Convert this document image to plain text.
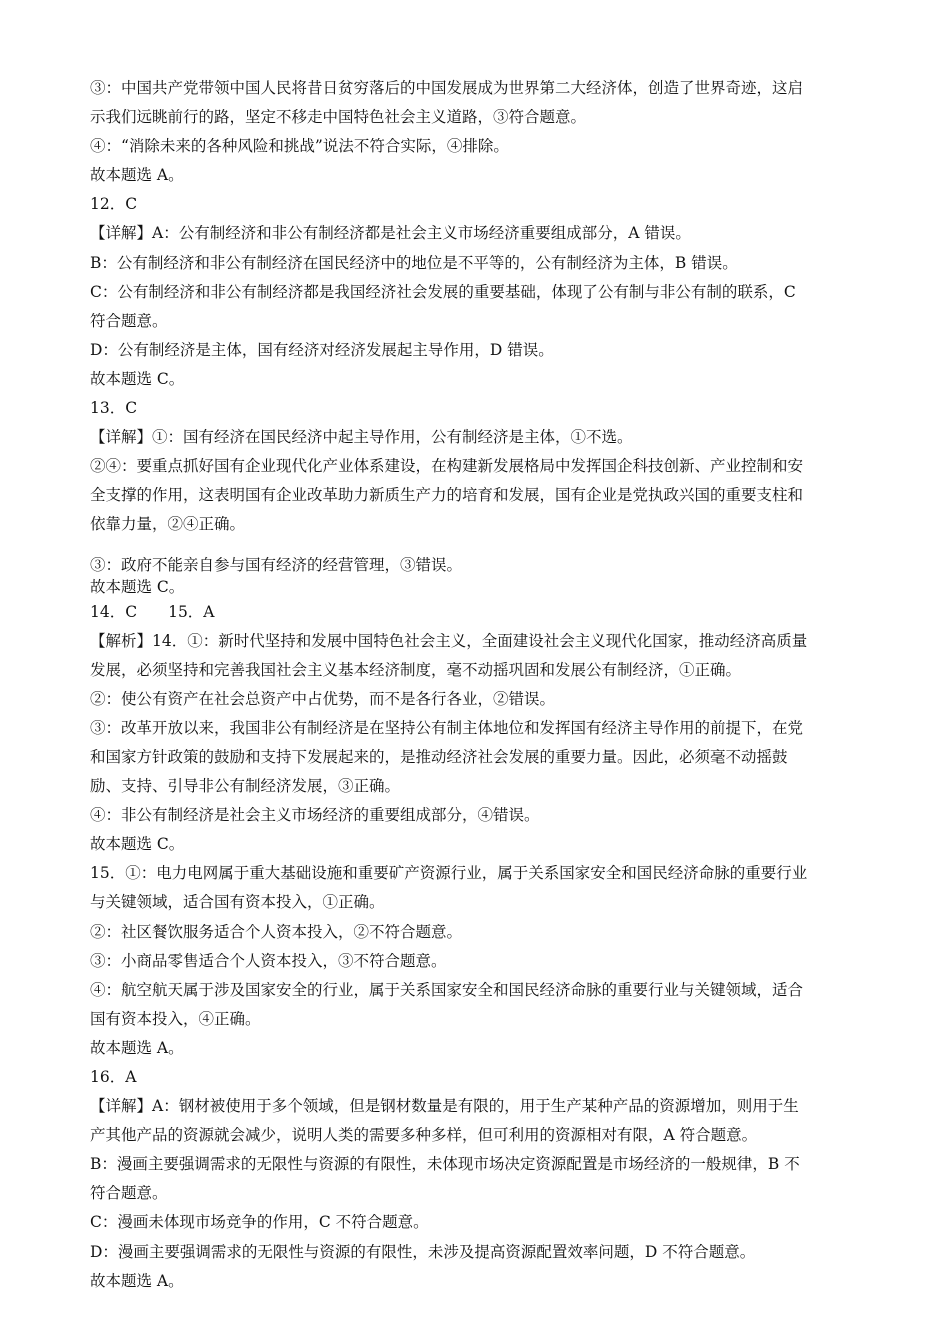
③：中国共产党带领中国人民将昔日贫穷落后的中国发展成为世界第二大经济体，创造了世界奇迹，这启
示我们远眺前行的路，坚定不移走中国特色社会主义道路，③符合题意。
④：“消除未来的各种风险和挑战”说法不符合实际，④排除。
故本题选 A。
12．C
【详解】A：公有制经济和非公有制经济都是社会主义市场经济重要组成部分，A 错误。
B：公有制经济和非公有制经济在国民经济中的地位是不平等的，公有制经济为主体，B 错误。
C：公有制经济和非公有制经济都是我国经济社会发展的重要基础，体现了公有制与非公有制的联系，C
符合题意。
D：公有制经济是主体，国有经济对经济发展起主导作用，D 错误。
故本题选 C。
13．C
【详解】①：国有经济在国民经济中起主导作用，公有制经济是主体，①不选。
②④：要重点抓好国有企业现代化产业体系建设，在构建新发展格局中发挥国企科技创新、产业控制和安
全支撑的作用，这表明国有企业改革助力新质生产力的培育和发展，国有企业是党执政兴国的重要支柱和
依靠力量，②④正确。
③：政府不能亲自参与国有经济的经营管理，③错误。
故本题选 C。
14．C　　15．A
【解析】14．①：新时代坚持和发展中国特色社会主义，全面建设社会主义现代化国家，推动经济高质量
发展，必须坚持和完善我国社会主义基本经济制度，毫不动摇巩固和发展公有制经济，①正确。
②：使公有资产在社会总资产中占优势，而不是各行各业，②错误。
③：改革开放以来，我国非公有制经济是在坚持公有制主体地位和发挥国有经济主导作用的前提下，在党
和国家方针政策的鼓励和支持下发展起来的，是推动经济社会发展的重要力量。因此，必须毫不动摇鼓
励、支持、引导非公有制经济发展，③正确。
④：非公有制经济是社会主义市场经济的重要组成部分，④错误。
故本题选 C。
15．①：电力电网属于重大基础设施和重要矿产资源行业，属于关系国家安全和国民经济命脉的重要行业
与关键领域，适合国有资本投入，①正确。
②：社区餐饮服务适合个人资本投入，②不符合题意。
③：小商品零售适合个人资本投入，③不符合题意。
④：航空航天属于涉及国家安全的行业，属于关系国家安全和国民经济命脉的重要行业与关键领域，适合
国有资本投入，④正确。
故本题选 A。
16．A
【详解】A：钢材被使用于多个领域，但是钢材数量是有限的，用于生产某种产品的资源增加，则用于生
产其他产品的资源就会减少，说明人类的需要多种多样，但可利用的资源相对有限，A 符合题意。
B：漫画主要强调需求的无限性与资源的有限性，未体现市场决定资源配置是市场经济的一般规律，B 不
符合题意。
C：漫画未体现市场竞争的作用，C 不符合题意。
D：漫画主要强调需求的无限性与资源的有限性，未涉及提高资源配置效率问题，D 不符合题意。
故本题选 A。
